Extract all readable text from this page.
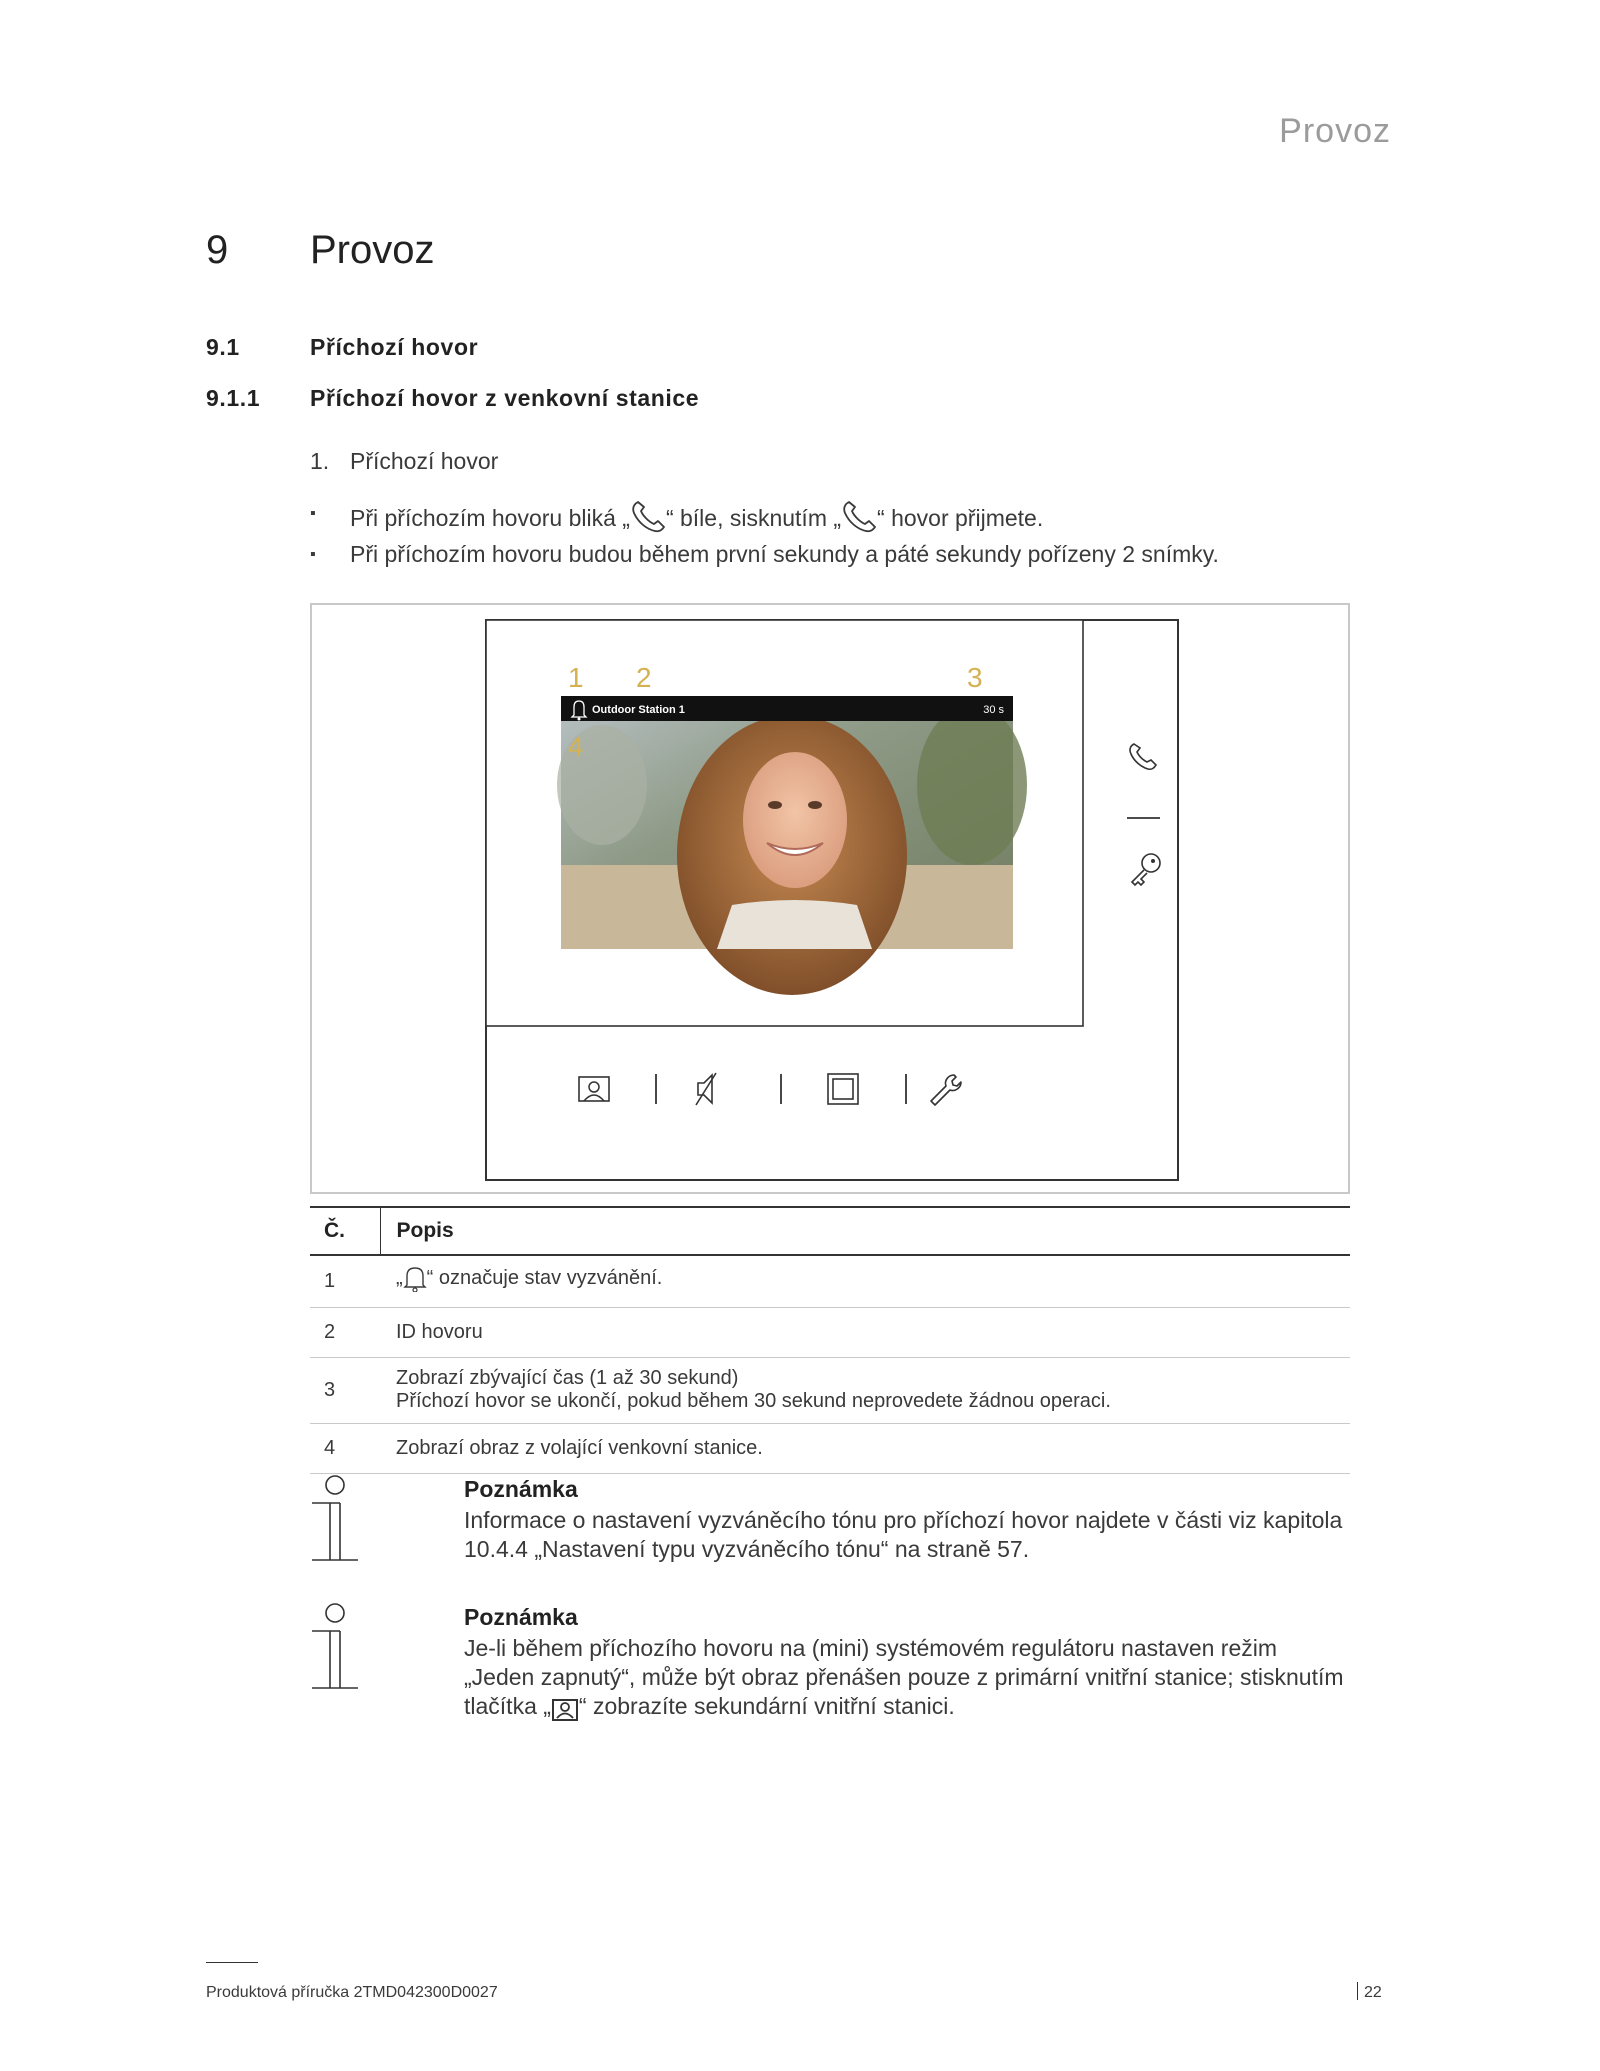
Provoz
9 Provoz
9.1	Příchozí hovor
9.1.1 Příchozí hovor z venkovní stanice
1. Příchozí hovor
▪ Při příchozím hovoru bliká „ “ bíle, sisknutím „ “ hovor přijmete.
▪ Při příchozím hovoru budou během první sekundy a páté sekundy pořízeny 2 snímky.
Outdoor Station 1	30 s
1 2	3
4
Č.	Popis
1	„ “ označuje stav vyzvánění.
2	ID hovoru
3	Zobrazí zbývající čas (1 až 30 sekund)
Příchozí hovor se ukončí, pokud během 30 sekund neprovedete žádnou operaci.

4	Zobrazí obraz z volající venkovní stanice.
Poznámka
Informace o nastavení vyzváněcího tónu pro příchozí hovor najdete v části viz kapitola 10.4.4 „Nastavení typu vyzváněcího tónu“ na straně 57.
Poznámka
Je-li během příchozího hovoru na (mini) systémovém regulátoru nastaven režim „Jeden zapnutý“, může být obraz přenášen pouze z primární vnitřní stanice; stisknutím tlačítka „ “ zobrazíte sekundární vnitřní stanici.
Produktová příručka 2TMD042300D0027	22
